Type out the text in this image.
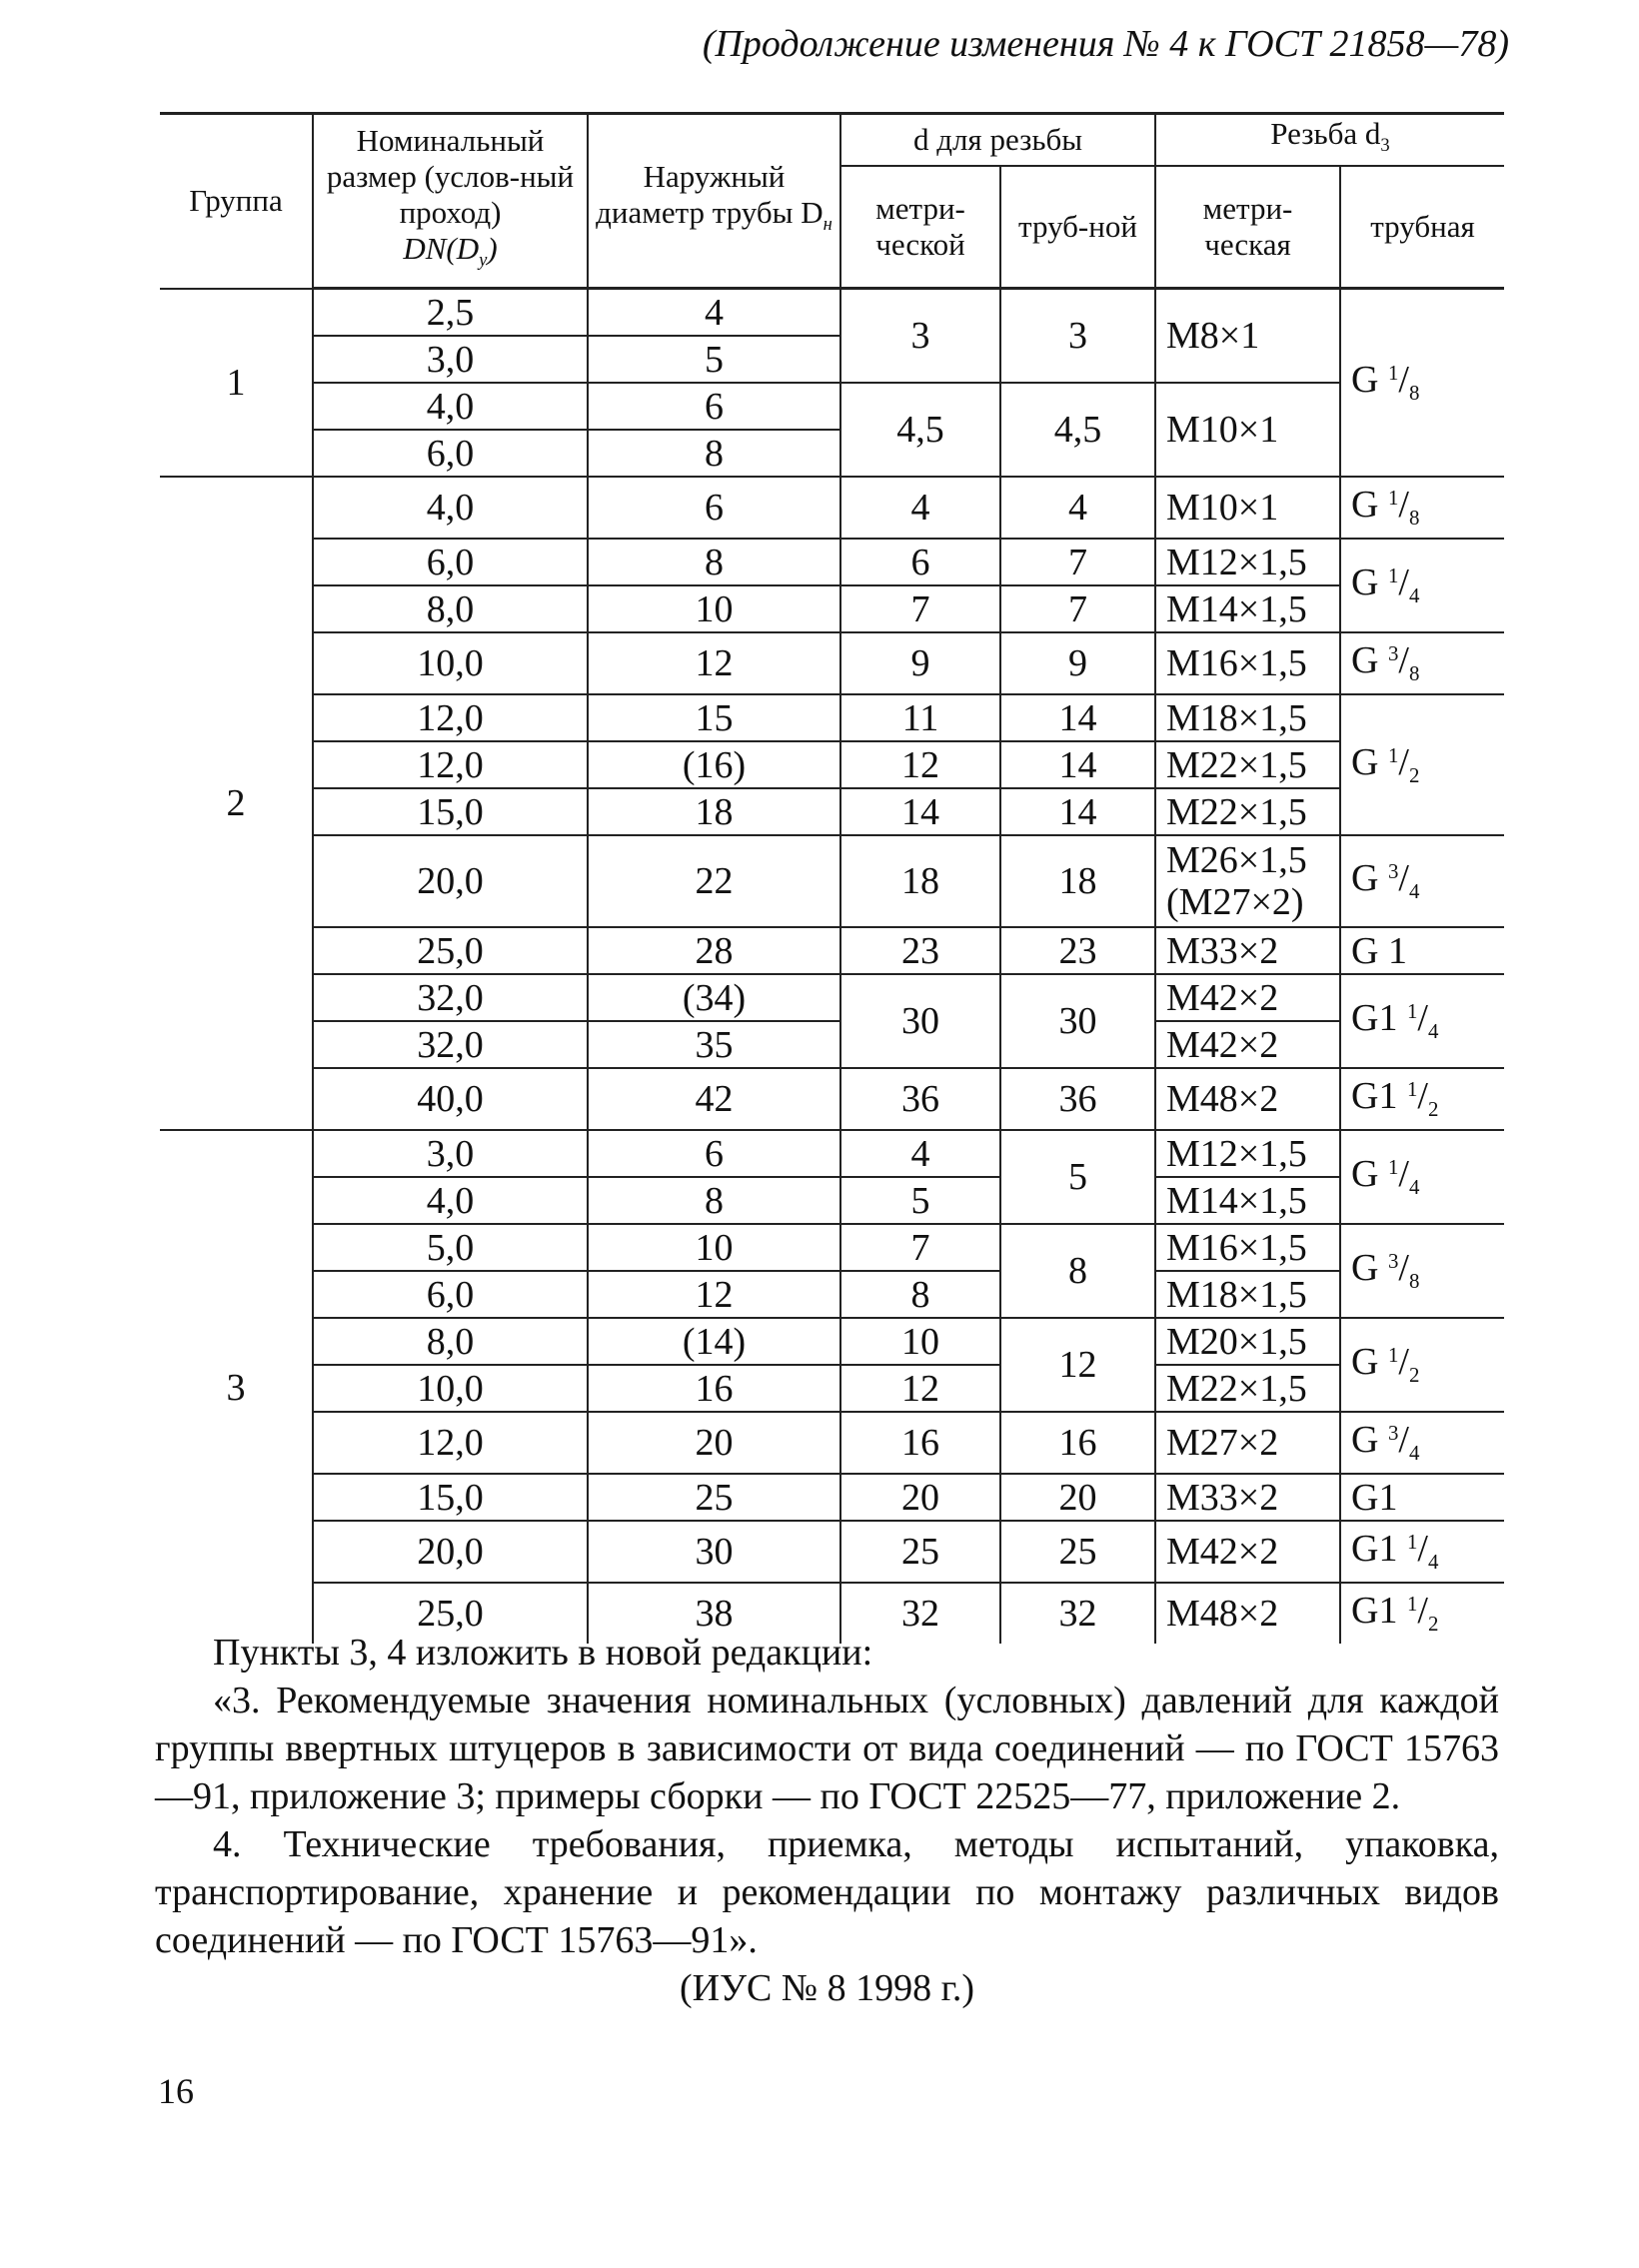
(Продолжение изменения № 4 к ГОСТ 21858—78)
Группа	Номинальный размер (услов-ный проход)
$DN(D_y)$	Наружный диаметр трубы $D_н$	d для резьбы		Резьба $d_3$
			метри-ческой	труб-ной	метри-ческая	трубная
1	2,5	4	3	3	M8×1	G $^1/_8$
	3,0	5				
	4,0	6	4,5	4,5	M10×1	
	6,0	8				
2	4,0	6	4	4	M10×1	G $^1/_8$
	6,0	8	6	7	M12×1,5	G $^1/_4$
	8,0	10	7	7	M14×1,5	
	10,0	12	9	9	M16×1,5	G $^3/_8$
	12,0	15	11	14	M18×1,5	G $^1/_2$
	12,0	(16)	12	14	M22×1,5	
	15,0	18	14	14	M22×1,5	
	20,0	22	18	18	M26×1,5 (M27×2)	G $^3/_4$
	25,0	28	23	23	M33×2	G 1
	32,0	(34)	30	30	M42×2	G1 $^1/_4$
	32,0	35			M42×2	
	40,0	42	36	36	M48×2	G1 $^1/_2$
3	3,0	6	4	5	M12×1,5	G $^1/_4$
	4,0	8	5		M14×1,5	
	5,0	10	7	8	M16×1,5	G $^3/_8$
	6,0	12	8		M18×1,5	
	8,0	(14)	10	12	M20×1,5	G $^1/_2$
	10,0	16	12		M22×1,5	
	12,0	20	16	16	M27×2	G $^3/_4$
	15,0	25	20	20	M33×2	G1
	20,0	30	25	25	M42×2	G1 $^1/_4$
	25,0	38	32	32	M48×2	G1 $^1/_2$

Пункты 3, 4 изложить в новой редакции:

«3. Рекомендуемые значения номинальных (условных) давлений для каждой группы ввертных штуцеров в зависимости от вида соединений — по ГОСТ 15763—91, приложение 3; примеры сборки — по ГОСТ 22525—77, приложение 2.

4. Технические требования, приемка, методы испытаний, упаковка, транспортирование, хранение и рекомендации по монтажу различных видов соединений — по ГОСТ 15763—91».

(ИУС № 8 1998 г.)

16
